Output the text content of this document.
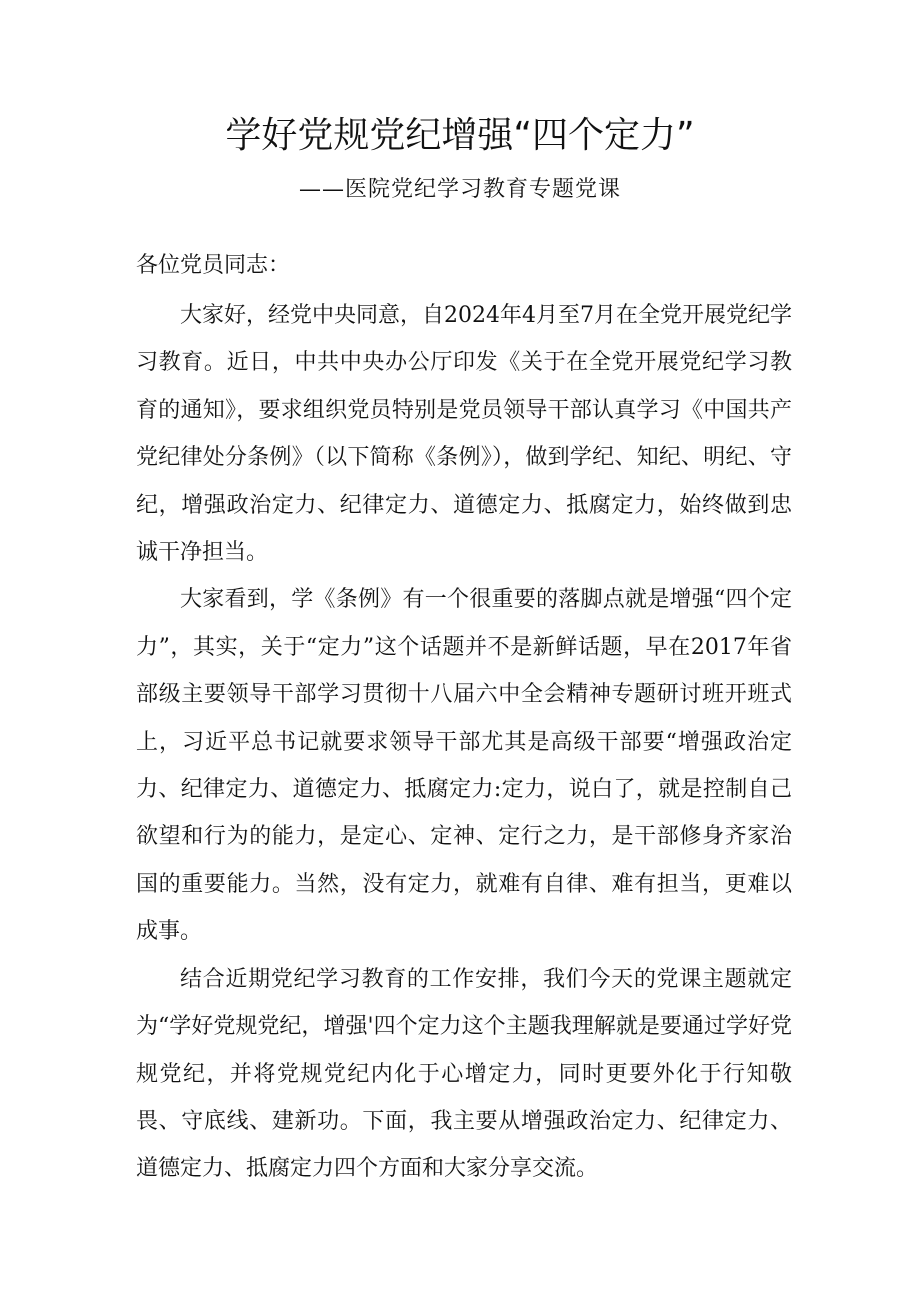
学好党规党纪增强“四个定力”

——医院党纪学习教育专题党课

各位党员同志：

大家好，经党中央同意，自2024年4月至7月在全党开展党纪学习教育。近日，中共中央办公厅印发《关于在全党开展党纪学习教育的通知》，要求组织党员特别是党员领导干部认真学习《中国共产党纪律处分条例》（以下简称《条例》），做到学纪、知纪、明纪、守纪，增强政治定力、纪律定力、道德定力、抵腐定力，始终做到忠诚干净担当。

大家看到，学《条例》有一个很重要的落脚点就是增强“四个定力”，其实，关于“定力”这个话题并不是新鲜话题，早在2017年省部级主要领导干部学习贯彻十八届六中全会精神专题研讨班开班式上，习近平总书记就要求领导干部尤其是高级干部要“增强政治定力、纪律定力、道德定力、抵腐定力:定力，说白了，就是控制自己欲望和行为的能力，是定心、定神、定行之力，是干部修身齐家治国的重要能力。当然，没有定力，就难有自律、难有担当，更难以成事。

结合近期党纪学习教育的工作安排，我们今天的党课主题就定为“学好党规党纪，增强'四个定力这个主题我理解就是要通过学好党规党纪，并将党规党纪内化于心增定力，同时更要外化于行知敬畏、守底线、建新功。下面，我主要从增强政治定力、纪律定力、道德定力、抵腐定力四个方面和大家分享交流。
